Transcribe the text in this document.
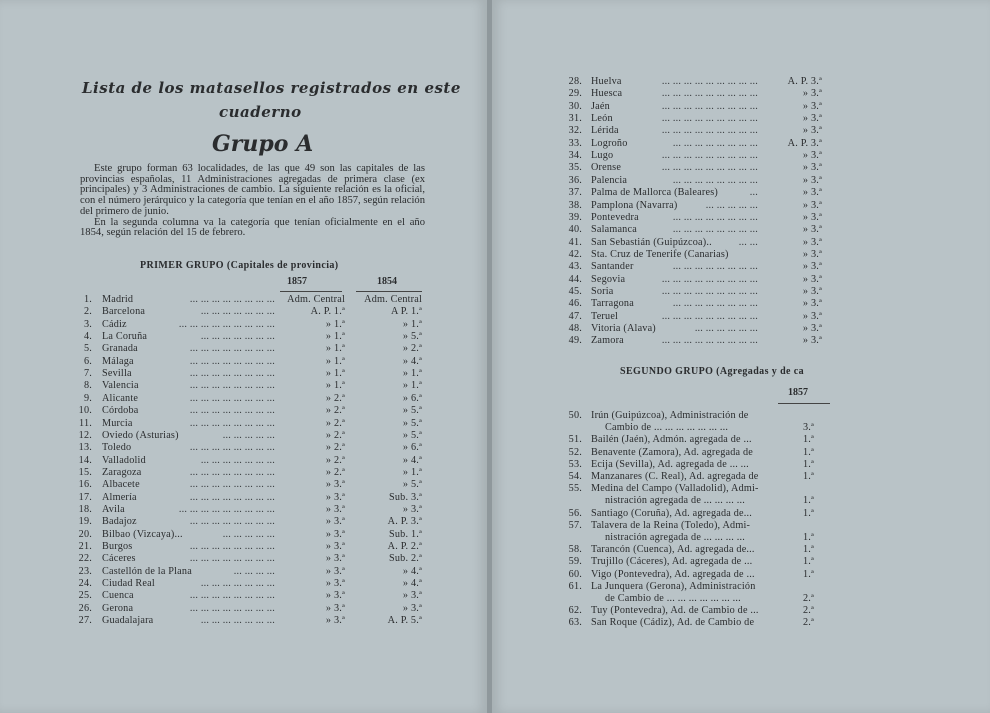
Lista de los matasellos registrados en este
cuaderno
Grupo A

Este grupo forman 63 localidades, de las que 49 son las capitales de las provincias españolas, 11 Administraciones agregadas de primera clase (ex principales) y 3 Administraciones de cambio. La siguiente relación es la oficial, con el número jerárquico y la categoría que tenían en el año 1857, según relación del primero de junio.

En la segunda columna va la categoría que tenían oficialmente en el año 1854, según relación del 15 de febrero.

PRIMER GRUPO (Capitales de provincia)
1857	1854
1. Madrid	... ... ... ... ... ... ... ... Adm. Central Adm. Central
2. Barcelona	... ... ... ... ... ... ...	A. P. 1.ª	A P. 1.ª
3. Cádiz	... ... ... ... ... ... ... ... ...	» 1.ª	» 1.ª
4. La Coruña	... ... ... ... ... ... ...	» 1.ª	» 5.ª
5. Granada	... ... ... ... ... ... ... ...	» 1.ª	» 2.ª
6. Málaga	... ... ... ... ... ... ... ...	» 1.ª	» 4.ª
7. Sevilla	... ... ... ... ... ... ... ...	» 1.ª	» 1.ª
8. Valencia	... ... ... ... ... ... ... ...	» 1.ª	» 1.ª
9. Alicante	... ... ... ... ... ... ... ...	» 2.ª	» 6.ª
10. Córdoba	... ... ... ... ... ... ... ...	» 2.ª	» 5.ª
11. Murcia	... ... ... ... ... ... ... ...	» 2.ª	» 5.ª
12. Oviedo (Asturias)	... ... ... ... ...	» 2.ª	» 5.ª
13. Toledo	... ... ... ... ... ... ... ...	» 2.ª	» 6.ª
14. Valladolid	... ... ... ... ... ... ...	» 2.ª	» 4.ª
15. Zaragoza	... ... ... ... ... ... ... ...	» 2.ª	» 1.ª
16. Albacete	... ... ... ... ... ... ... ...	» 3.ª	» 5.ª
17. Almería	... ... ... ... ... ... ... ...	» 3.ª	Sub. 3.ª
18. Avila	... ... ... ... ... ... ... ... ...	» 3.ª	» 3.ª
19. Badajoz	... ... ... ... ... ... ... ...	» 3.ª	A. P. 3.ª
20. Bilbao (Vizcaya)...	... ... ... ... ...	» 3.ª	Sub. 1.ª
21. Burgos	... ... ... ... ... ... ... ...	» 3.ª	A. P. 2.ª
22. Cáceres	... ... ... ... ... ... ... ...	» 3.ª	Sub. 2.ª
23. Castellón de la Plana	... ... ... ...	» 3.ª	» 4.ª
24. Ciudad Real	... ... ... ... ... ... ...	» 3.ª	» 4.ª
25. Cuenca	... ... ... ... ... ... ... ...	» 3.ª	» 3.ª
26. Gerona	... ... ... ... ... ... ... ...	» 3.ª	» 3.ª
27. Guadalajara	... ... ... ... ... ... ...	» 3.ª	A. P. 5.ª
28. Huelva	... ... ... ... ... ... ... ... ...	A. P. 3.ª
29. Huesca	... ... ... ... ... ... ... ... ...	» 3.ª
30. Jaén	... ... ... ... ... ... ... ... ...	» 3.ª
31. León	... ... ... ... ... ... ... ... ...	» 3.ª
32. Lérida	... ... ... ... ... ... ... ... ...	» 3.ª
33. Logroño	... ... ... ... ... ... ... ...	A. P. 3.ª
34. Lugo	... ... ... ... ... ... ... ... ...	» 3.ª
35. Orense	... ... ... ... ... ... ... ... ...	» 3.ª
36. Palencia	... ... ... ... ... ... ... ...	» 3.ª
37. Palma de Mallorca (Baleares)	...	» 3.ª
38. Pamplona (Navarra)	... ... ... ... ...	» 3.ª
39. Pontevedra	... ... ... ... ... ... ... ...	» 3.ª
40. Salamanca	... ... ... ... ... ... ... ...	» 3.ª
41. San Sebastián (Guipúzcoa)..	... ...	» 3.ª
42. Sta. Cruz de Tenerife (Canarias)	» 3.ª
43. Santander	... ... ... ... ... ... ... ...	» 3.ª
44. Segovia	... ... ... ... ... ... ... ... ...	» 3.ª
45. Soria	... ... ... ... ... ... ... ... ...	» 3.ª
46. Tarragona	... ... ... ... ... ... ... ...	» 3.ª
47. Teruel	... ... ... ... ... ... ... ... ...	» 3.ª
48. Vitoria (Alava)	... ... ... ... ... ...	» 3.ª
49. Zamora	... ... ... ... ... ... ... ... ...	» 3.ª
SEGUNDO GRUPO (Agregadas y de ca
1857
50. Irún (Guipúzcoa), Administración de
Cambio de ... ... ... ... ... ... ...	3.ª
51. Bailén (Jaén), Admón. agregada de ...	1.ª
52. Benavente (Zamora), Ad. agregada de	1.ª
53. Ecija (Sevilla), Ad. agregada de ... ...	1.ª
54. Manzanares (C. Real), Ad. agregada de	1.ª
55. Medina del Campo (Valladolid), Admi-
nistración agregada de ... ... ... ...	1.ª
56. Santiago (Coruña), Ad. agregada de...	1.ª
57. Talavera de la Reina (Toledo), Admi-
nistración agregada de ... ... ... ...	1.ª
58. Tarancón (Cuenca), Ad. agregada de...	1.ª
59. Trujillo (Cáceres), Ad. agregada de ...	1.ª
60. Vigo (Pontevedra), Ad. agregada de ...	1.ª
61. La Junquera (Gerona), Administración
de Cambio de ... ... ... ... ... ... ...	2.ª
62. Tuy (Pontevedra), Ad. de Cambio de ...	2.ª
63. San Roque (Cádiz), Ad. de Cambio de	2.ª
